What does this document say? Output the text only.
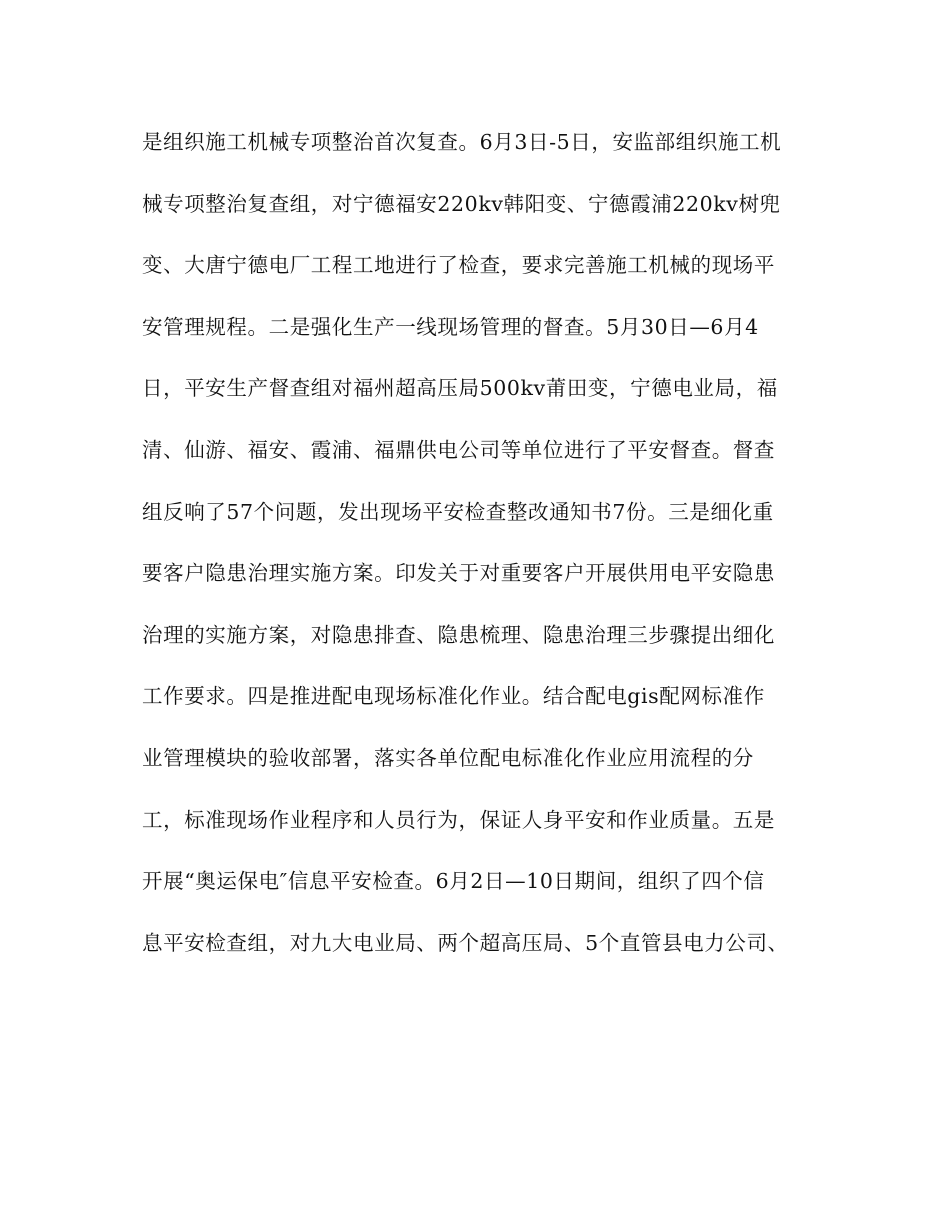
是组织施工机械专项整治首次复查。6月3日-5日，安监部组织施工机
械专项整治复查组，对宁德福安220kv韩阳变、宁德霞浦220kv树兜
变、大唐宁德电厂工程工地进行了检查，要求完善施工机械的现场平
安管理规程。二是强化生产一线现场管理的督查。5月30日—6月4
日，平安生产督查组对福州超高压局500kv莆田变，宁德电业局，福
清、仙游、福安、霞浦、福鼎供电公司等单位进行了平安督查。督查
组反响了57个问题，发出现场平安检查整改通知书7份。三是细化重
要客户隐患治理实施方案。印发关于对重要客户开展供用电平安隐患
治理的实施方案，对隐患排查、隐患梳理、隐患治理三步骤提出细化
工作要求。四是推进配电现场标准化作业。结合配电gis配网标准作
业管理模块的验收部署，落实各单位配电标准化作业应用流程的分
工，标准现场作业程序和人员行为，保证人身平安和作业质量。五是
开展“奥运保电″信息平安检查。6月2日—10日期间，组织了四个信
息平安检查组，对九大电业局、两个超高压局、5个直管县电力公司、
